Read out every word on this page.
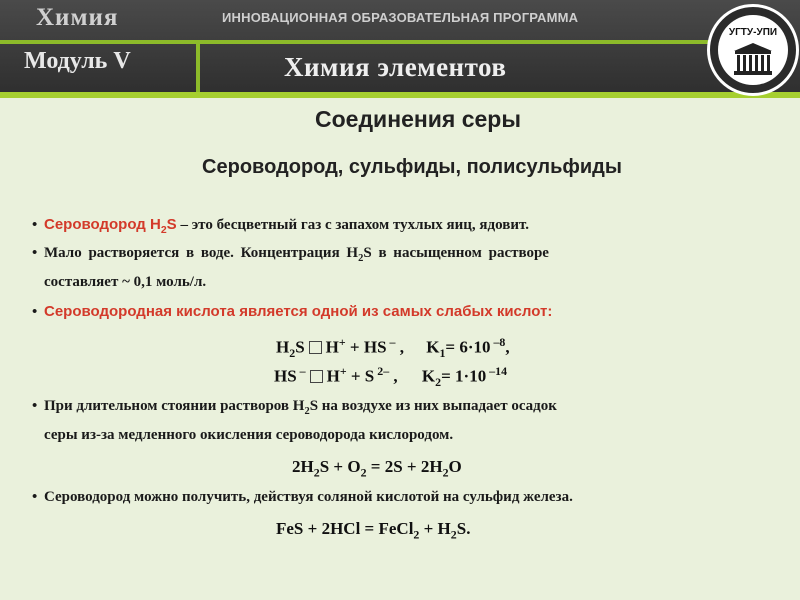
Химия	ИННОВАЦИОННАЯ ОБРАЗОВАТЕЛЬНАЯ ПРОГРАММА
Модуль V	Химия элементов
УГТУ-УПИ
Соединения серы
Сероводород, сульфиды, полисульфиды
• Сероводород $H_2S$ – это бесцветный газ с запахом тухлых яиц, ядовит.
• Мало растворяется в воде. Концентрация $H_2S$ в насыщенном растворе
составляет ~ 0,1 моль/л.
• Сероводородная кислота является одной из самых слабых кислот:
$H_2S$ H+ + HS – , $K_1= 6\cdot 10$ $^{-8}$,
HS – H+ + S $^{2-}$ , $K_2= 1\cdot 10$ $^{-14}$
• При длительном стоянии растворов $H_2S$ на воздухе из них выпадает осадок
серы из-за медленного окисления сероводорода кислородом.
$2H_2S + O_2 = 2S + 2H_2O$
• Сероводород можно получить, действуя соляной кислотой на сульфид железа.
FeS + 2HCl = FeCl$_2$ + $H_2S$.
